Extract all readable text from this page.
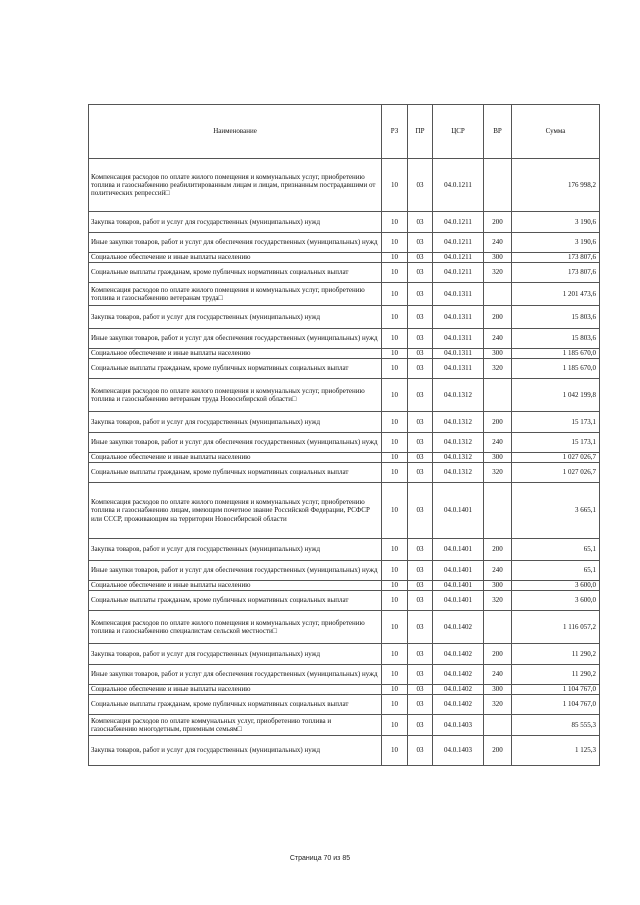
Наименование	РЗ	ПР	ЦСР	ВР	Сумма
Компенсация расходов по оплате жилого помещения и коммунальных услуг, приобретению топлива и газоснабжению реабилитированным лицам и лицам, признанным пострадавшими от политических репрессий□	10	03	04.0.1211		176 998,2
Закупка товаров, работ и услуг для государственных (муниципальных) нужд	10	03	04.0.1211	200	3 190,6
Иные закупки товаров, работ и услуг для обеспечения государственных (муниципальных) нужд	10	03	04.0.1211	240	3 190,6
Социальное обеспечение и иные выплаты населению	10	03	04.0.1211	300	173 807,6
Социальные выплаты гражданам, кроме публичных нормативных социальных выплат	10	03	04.0.1211	320	173 807,6
Компенсация расходов по оплате жилого помещения и коммунальных услуг, приобретению топлива и газоснабжению ветеранам труда□	10	03	04.0.1311		1 201 473,6
Закупка товаров, работ и услуг для государственных (муниципальных) нужд	10	03	04.0.1311	200	15 803,6
Иные закупки товаров, работ и услуг для обеспечения государственных (муниципальных) нужд	10	03	04.0.1311	240	15 803,6
Социальное обеспечение и иные выплаты населению	10	03	04.0.1311	300	1 185 670,0
Социальные выплаты гражданам, кроме публичных нормативных социальных выплат	10	03	04.0.1311	320	1 185 670,0
Компенсация расходов по оплате жилого помещения и коммунальных услуг, приобретению топлива и газоснабжению ветеранам труда Новосибирской области□	10	03	04.0.1312		1 042 199,8
Закупка товаров, работ и услуг для государственных (муниципальных) нужд	10	03	04.0.1312	200	15 173,1
Иные закупки товаров, работ и услуг для обеспечения государственных (муниципальных) нужд	10	03	04.0.1312	240	15 173,1
Социальное обеспечение и иные выплаты населению	10	03	04.0.1312	300	1 027 026,7
Социальные выплаты гражданам, кроме публичных нормативных социальных выплат	10	03	04.0.1312	320	1 027 026,7
Компенсация расходов по оплате жилого помещения и коммунальных услуг, приобретению топлива и газоснабжению лицам, имеющим почетное звание Российской Федерации, РСФСР или СССР, проживающим на территории Новосибирской области	10	03	04.0.1401		3 665,1
Закупка товаров, работ и услуг для государственных (муниципальных) нужд	10	03	04.0.1401	200	65,1
Иные закупки товаров, работ и услуг для обеспечения государственных (муниципальных) нужд	10	03	04.0.1401	240	65,1
Социальное обеспечение и иные выплаты населению	10	03	04.0.1401	300	3 600,0
Социальные выплаты гражданам, кроме публичных нормативных социальных выплат	10	03	04.0.1401	320	3 600,0
Компенсация расходов по оплате жилого помещения и коммунальных услуг, приобретению топлива и газоснабжению специалистам сельской местности□	10	03	04.0.1402		1 116 057,2
Закупка товаров, работ и услуг для государственных (муниципальных) нужд	10	03	04.0.1402	200	11 290,2
Иные закупки товаров, работ и услуг для обеспечения государственных (муниципальных) нужд	10	03	04.0.1402	240	11 290,2
Социальное обеспечение и иные выплаты населению	10	03	04.0.1402	300	1 104 767,0
Социальные выплаты гражданам, кроме публичных нормативных социальных выплат	10	03	04.0.1402	320	1 104 767,0
Компенсация расходов по оплате коммунальных услуг, приобретению топлива и газоснабжению многодетным, приемным семьям□	10	03	04.0.1403		85 555,3
Закупка товаров, работ и услуг для государственных (муниципальных) нужд	10	03	04.0.1403	200	1 125,3
Страница 70 из 85
